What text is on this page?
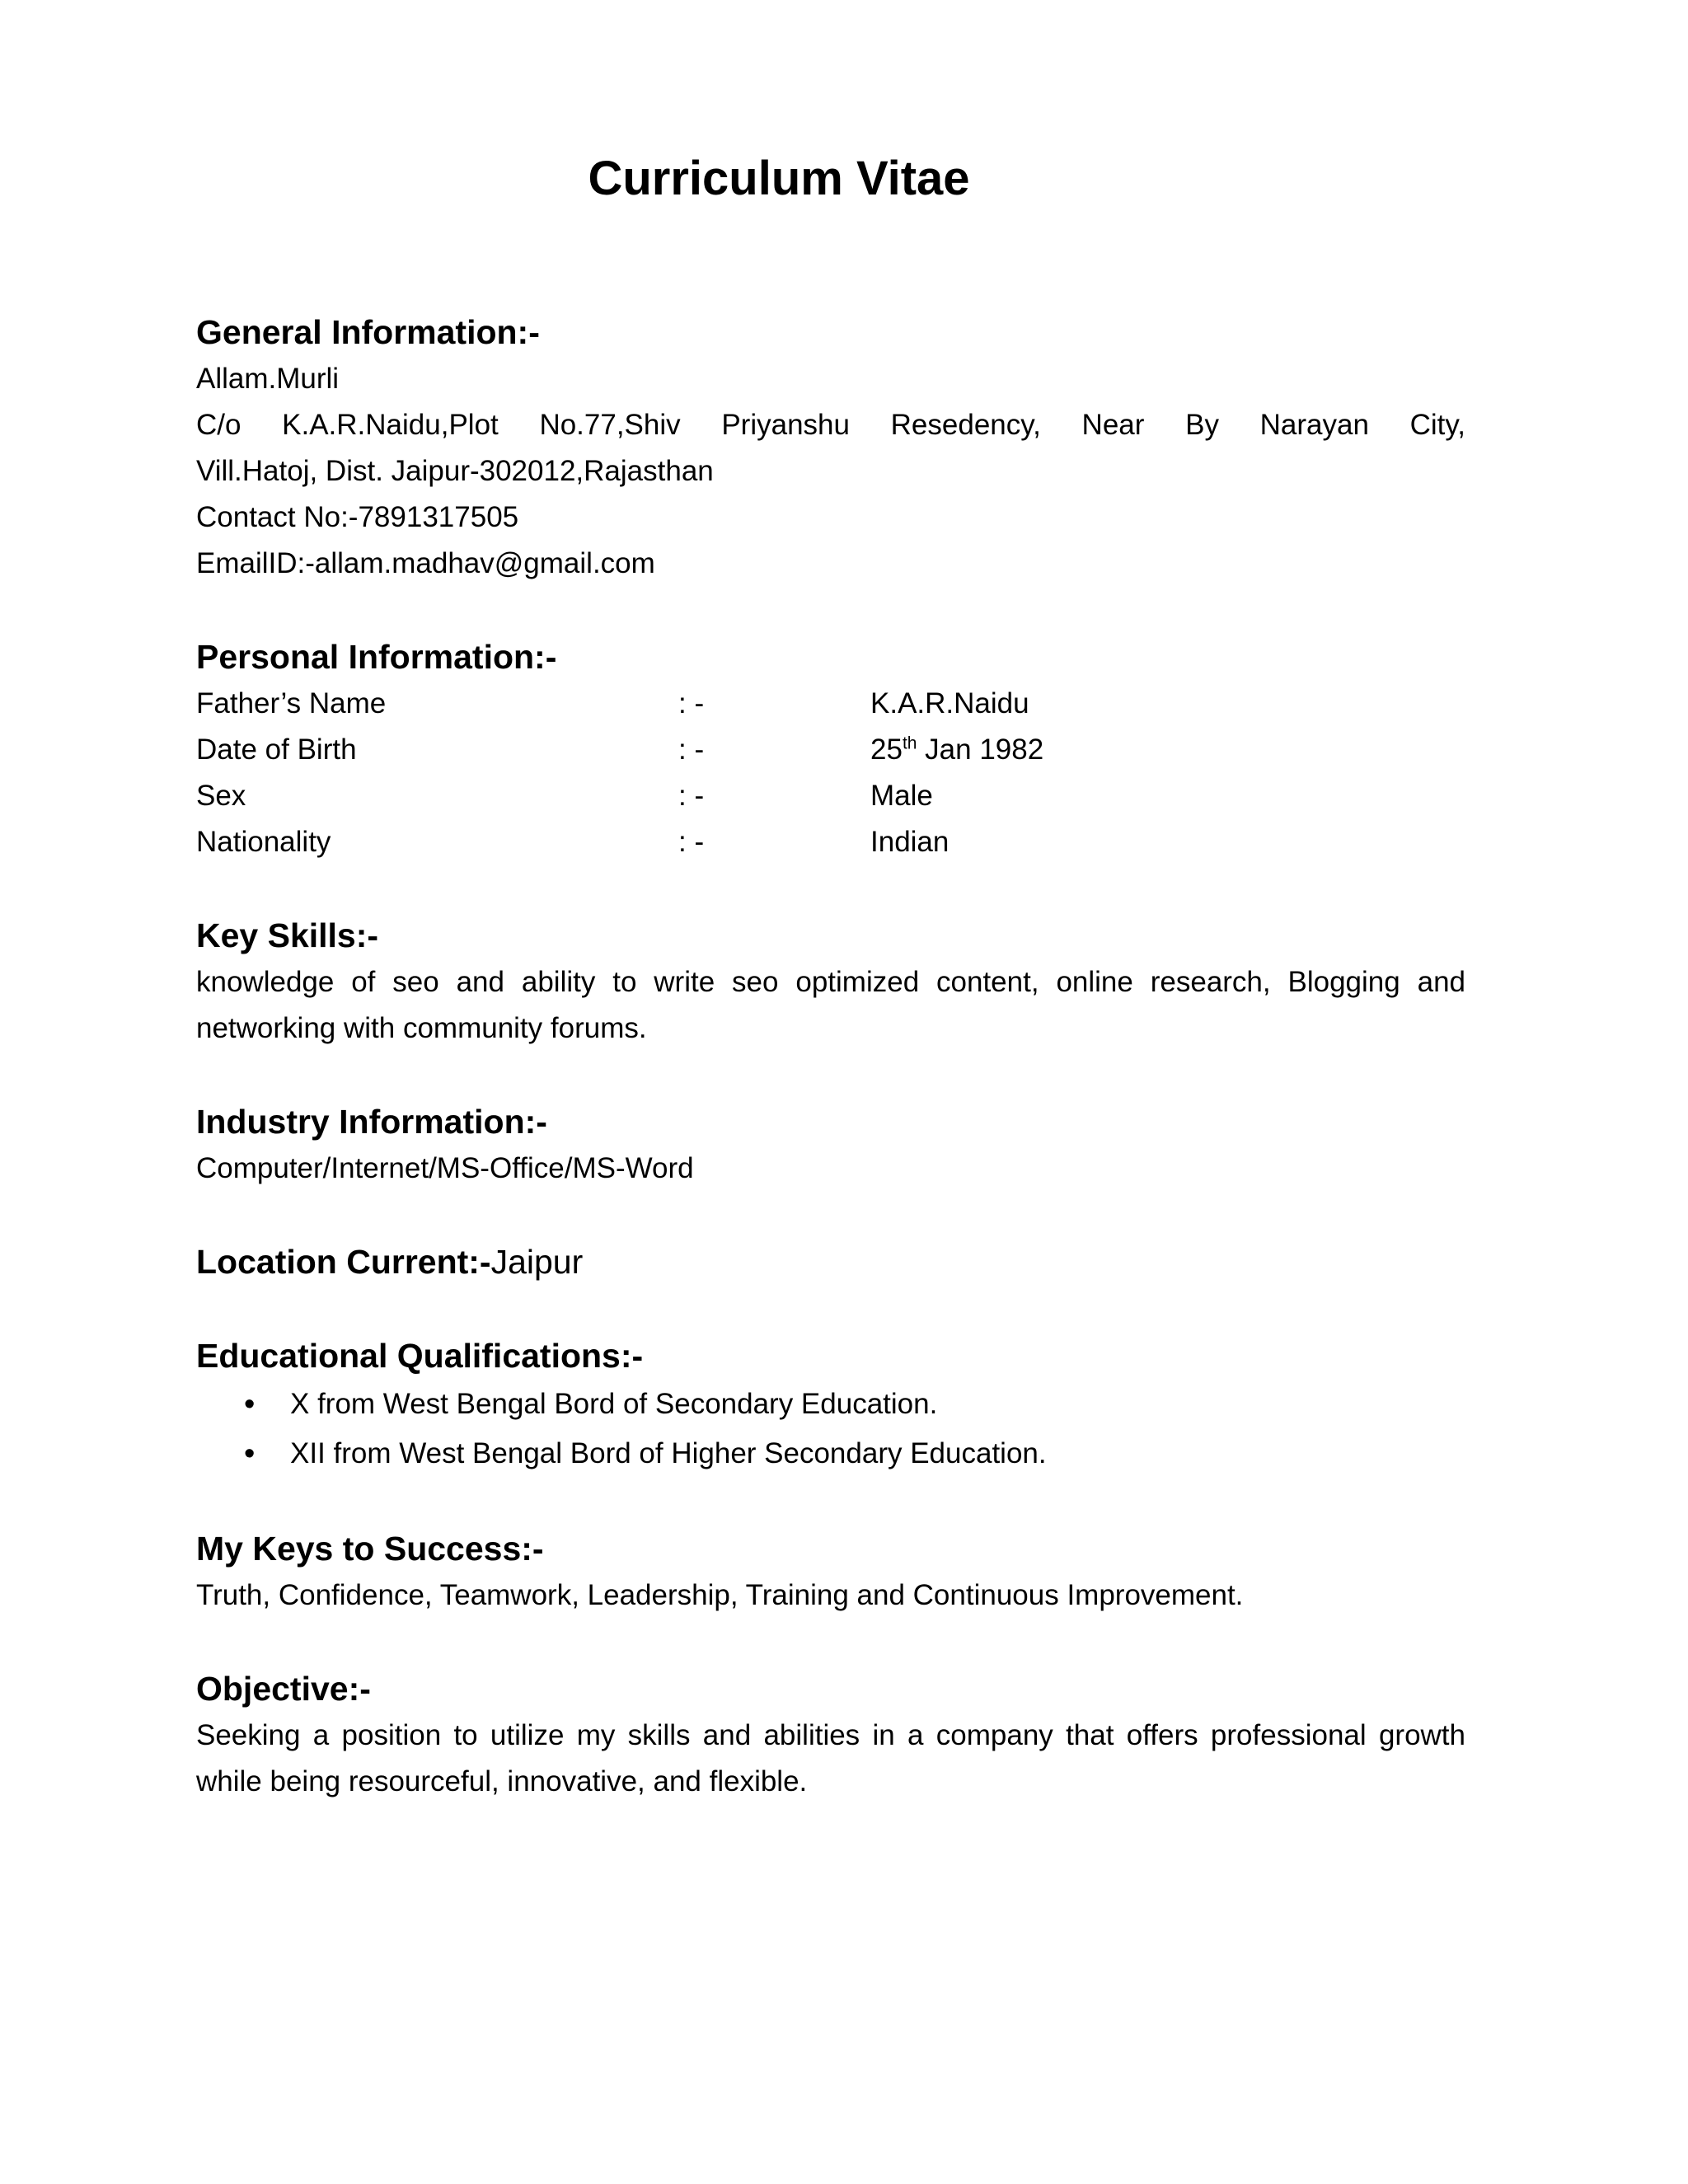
Curriculum Vitae
General Information:-

Allam.Murli

C/o K.A.R.Naidu,Plot No.77,Shiv Priyanshu Resedency, Near By Narayan City,

Vill.Hatoj, Dist. Jaipur-302012,Rajasthan

Contact No:-7891317505

EmailID:-allam.madhav@gmail.com

Personal Information:-
Father’s Name	: -	K.A.R.Naidu
Date of Birth	: -	25th Jan 1982
Sex	: -	Male
Nationality	: -	Indian
Key Skills:-

knowledge of seo and ability to write seo optimized content, online research, Blogging and networking with community forums.

Industry Information:-

Computer/Internet/MS-Office/MS-Word

Location Current:-Jaipur
Educational Qualifications:-
•	X from West Bengal Bord of Secondary Education.
•	XII from West Bengal Bord of Higher Secondary Education.
My Keys to Success:-

Truth, Confidence, Teamwork, Leadership, Training and Continuous Improvement.

Objective:-

Seeking a position to utilize my skills and abilities in a company that offers professional growth while being resourceful, innovative, and flexible.
